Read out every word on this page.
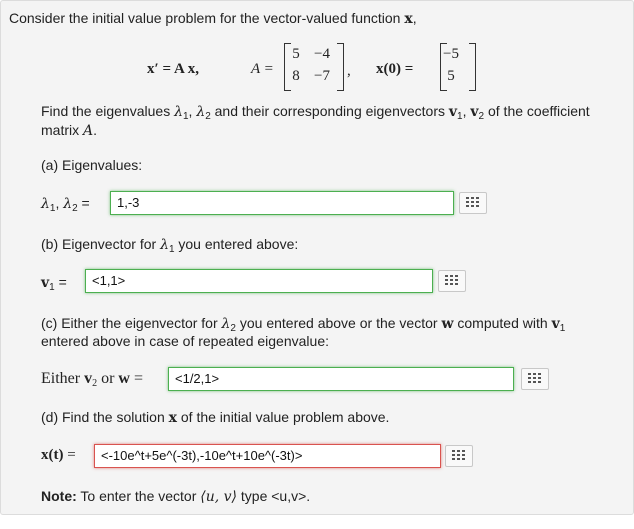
Consider the initial value problem for the vector-valued function x,
x′ = A x,	A =
5 −4
8 −7 , x(0) =
−5
5
Find the eigenvalues $\lambda_1$, $\lambda_2$ and their corresponding eigenvectors $v_1$, $v_2$ of the coefficient
matrix A.
(a) Eigenvalues:
$\lambda_1$, $\lambda_2$ =	1,-3
(b) Eigenvector for $\lambda_1$ you entered above:
$v_1$ =	<1,1>
(c) Either the eigenvector for $\lambda_2$ you entered above or the vector w computed with $v_1$
entered above in case of repeated eigenvalue:
Either $v_2$ or w =	<1/2,1>
(d) Find the solution x of the initial value problem above.
x(t) =	<-10e^t+5e^(-3t),-10e^t+10e^(-3t)>
Note: To enter the vector ⟨u, v⟩ type <u,v>.
